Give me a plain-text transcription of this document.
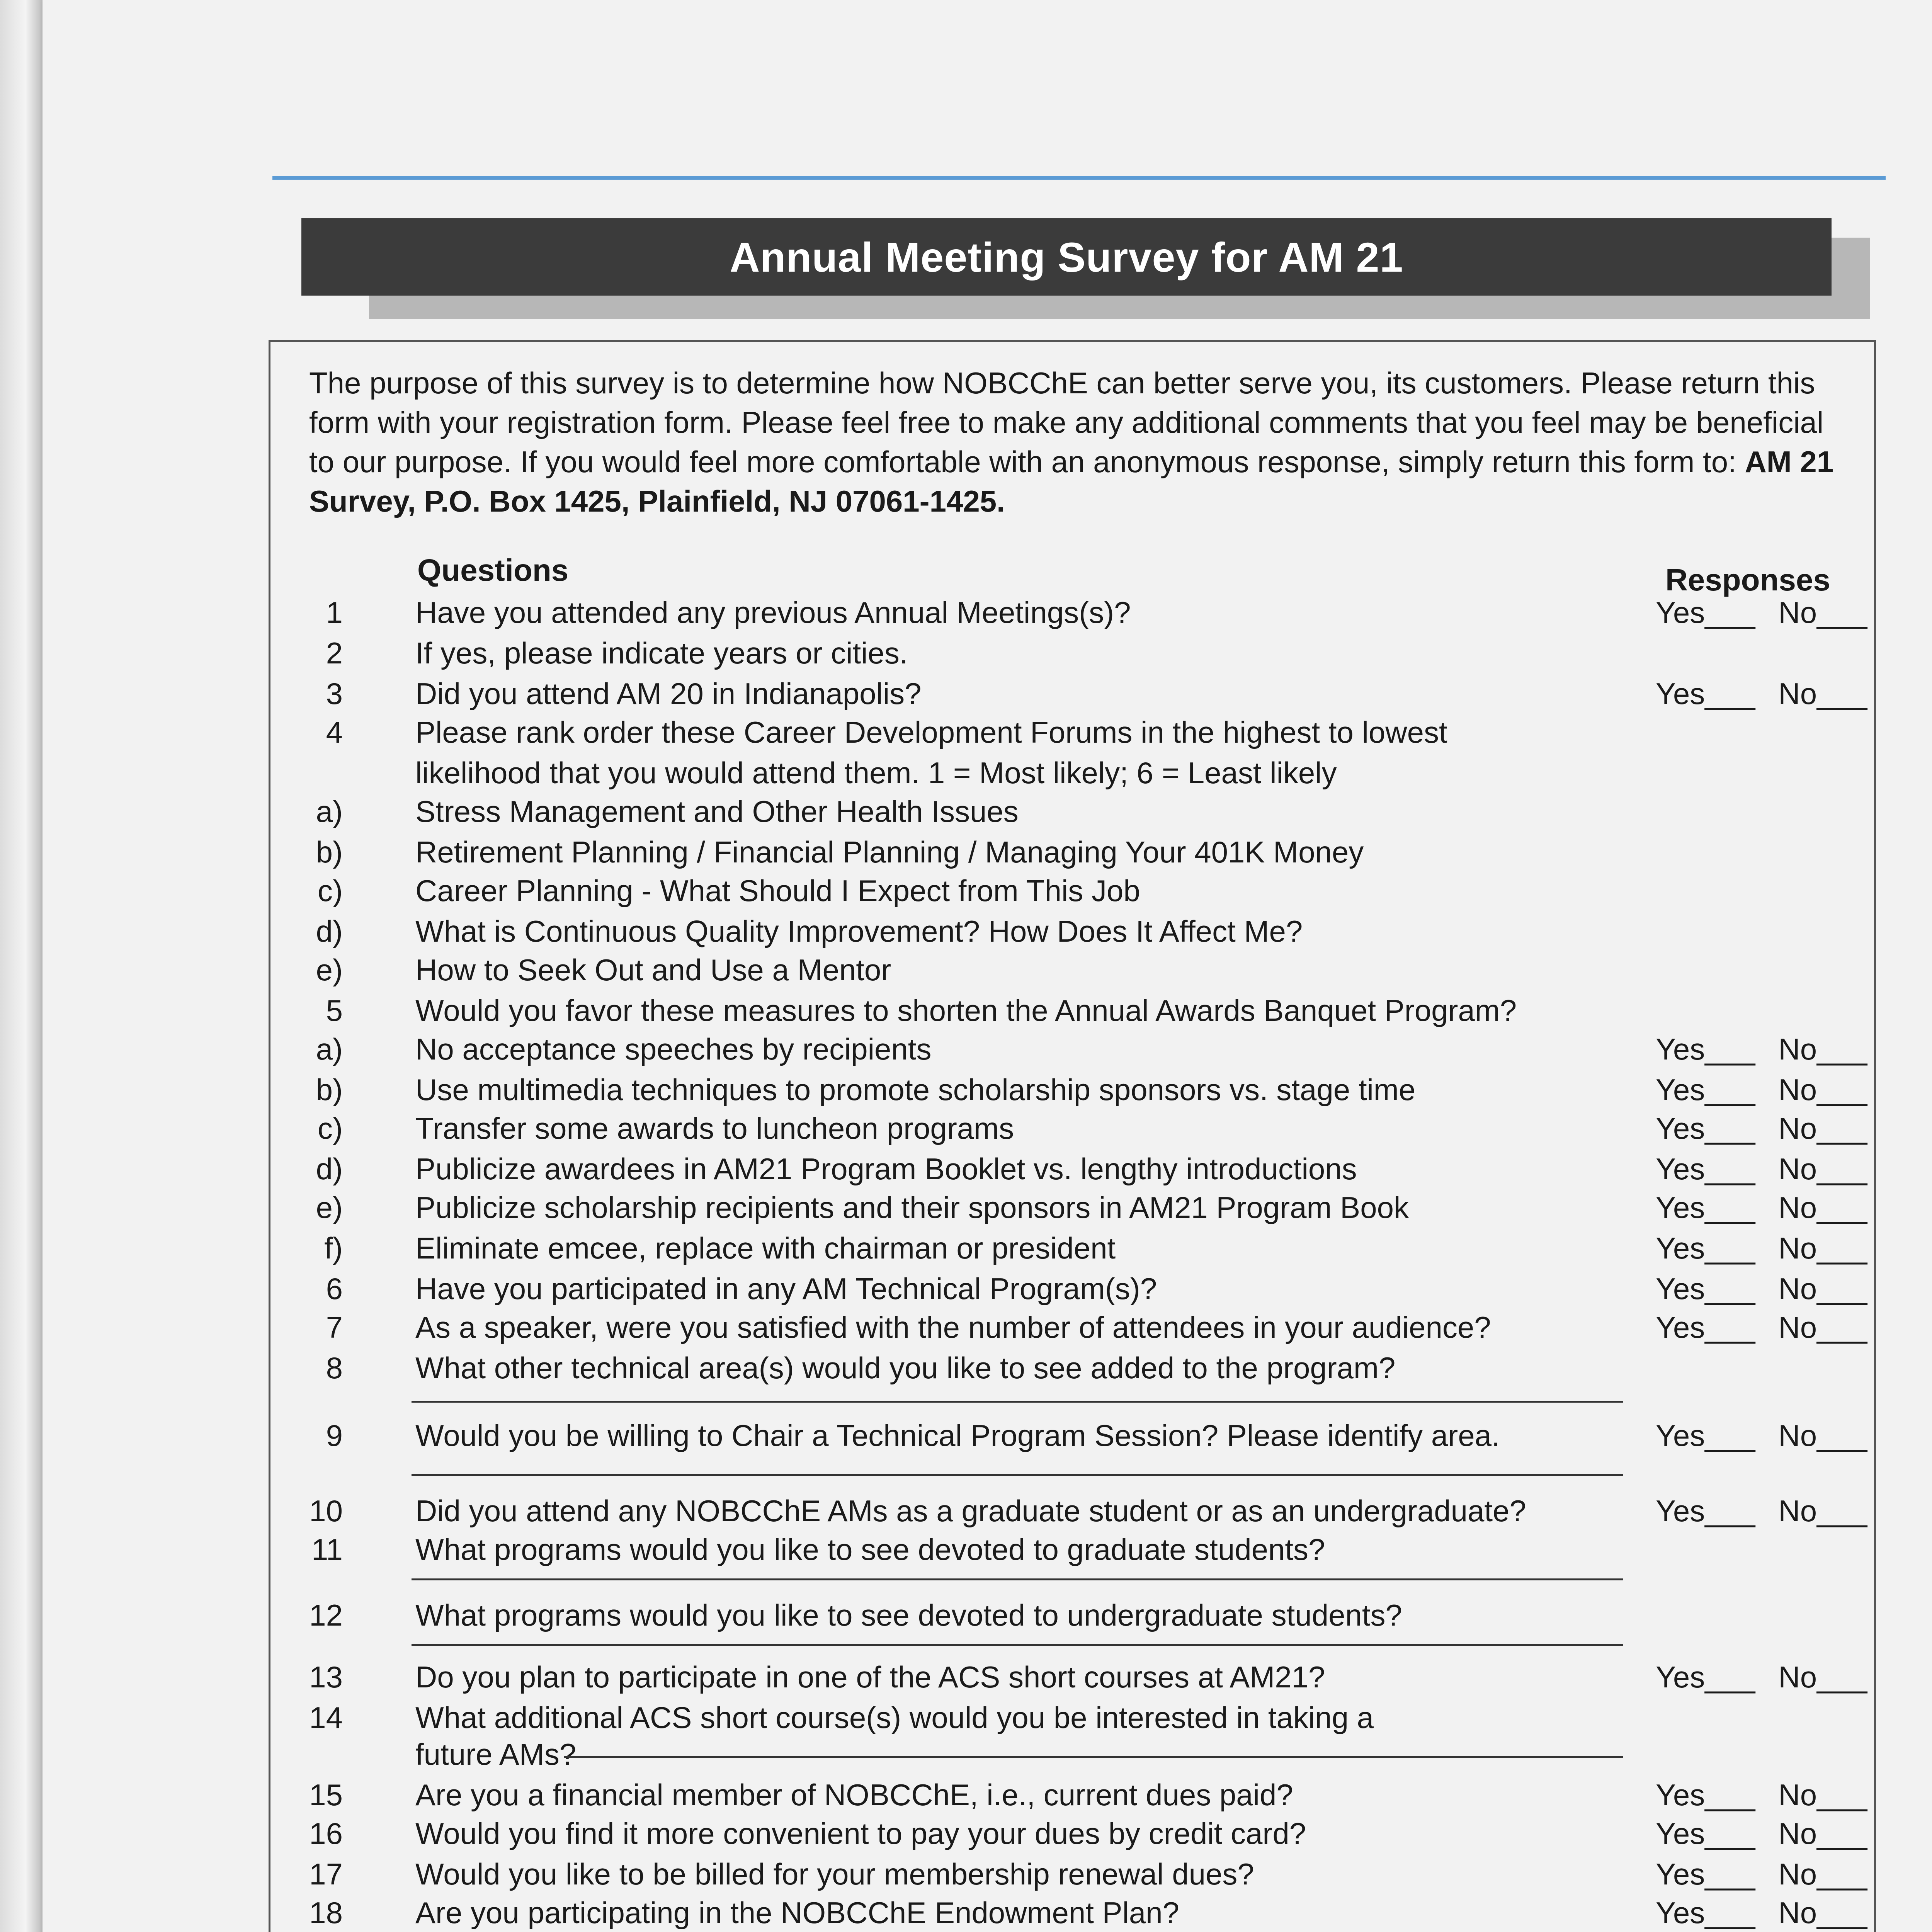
Annual Meeting Survey for AM 21
The purpose of this survey is to determine how NOBCChE can better serve you, its customers. Please return this form with your registration form. Please feel free to make any additional comments that you feel may be beneficial to our purpose. If you would feel more comfortable with an anonymous response, simply return this form to: AM 21 Survey, P.O. Box 1425, Plainfield, NJ 07061-1425.
Questions	Responses
1 Have you attended any previous Annual Meetings(s)?	Yes___ No___
2 If yes, please indicate years or cities.
3 Did you attend AM 20 in Indianapolis?	Yes___ No___
4 Please rank order these Career Development Forums in the highest to lowest
likelihood that you would attend them. 1 = Most likely; 6 = Least likely
a) Stress Management and Other Health Issues
b) Retirement Planning / Financial Planning / Managing Your 401K Money
c) Career Planning - What Should I Expect from This Job
d) What is Continuous Quality Improvement? How Does It Affect Me?
e) How to Seek Out and Use a Mentor
5 Would you favor these measures to shorten the Annual Awards Banquet Program?
a) No acceptance speeches by recipients	Yes___ No___
b) Use multimedia techniques to promote scholarship sponsors vs. stage time	Yes___ No___
c) Transfer some awards to luncheon programs	Yes___ No___
d) Publicize awardees in AM21 Program Booklet vs. lengthy introductions	Yes___ No___
e) Publicize scholarship recipients and their sponsors in AM21 Program Book	Yes___ No___
f) Eliminate emcee, replace with chairman or president	Yes___ No___
6 Have you participated in any AM Technical Program(s)?	Yes___ No___
7 As a speaker, were you satisfied with the number of attendees in your audience?	Yes___ No___
8 What other technical area(s) would you like to see added to the program?
9 Would you be willing to Chair a Technical Program Session? Please identify area.	Yes___ No___
10 Did you attend any NOBCChE AMs as a graduate student or as an undergraduate?	Yes___ No___
11 What programs would you like to see devoted to graduate students?
12 What programs would you like to see devoted to undergraduate students?
13 Do you plan to participate in one of the ACS short courses at AM21?	Yes___ No___
14 What additional ACS short course(s) would you be interested in taking a
future AMs?
15 Are you a financial member of NOBCChE, i.e., current dues paid?	Yes___ No___
16 Would you find it more convenient to pay your dues by credit card?	Yes___ No___
17 Would you like to be billed for your membership renewal dues?	Yes___ No___
18 Are you participating in the NOBCChE Endowment Plan?	Yes___ No___
